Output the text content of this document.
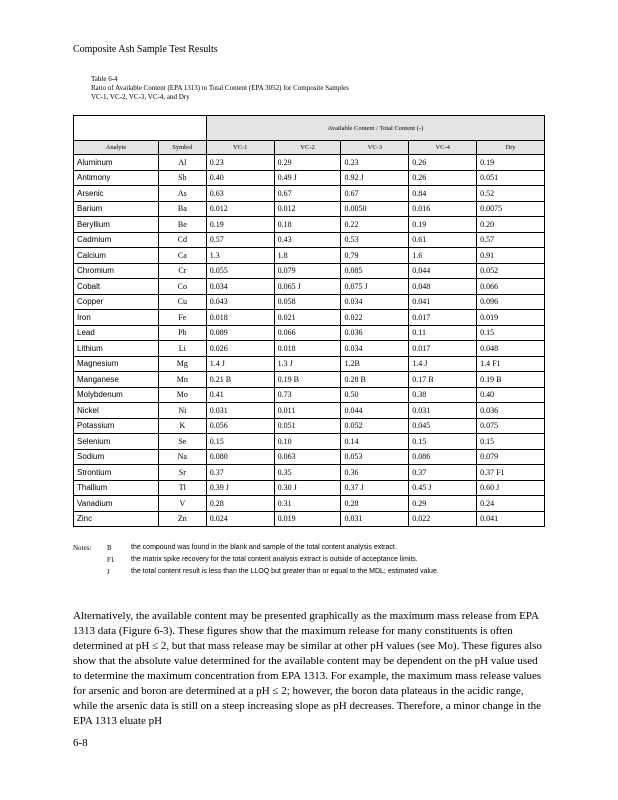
Composite Ash Sample Test Results
Table 6-4
Ratio of Available Content (EPA 1313) to Total Content (EPA 3052) for Composite Samples
VC-1, VC-2, VC-3, VC-4, and Dry
		Available Content / Total Content (-)				
Analyte	Symbol	VC-1	VC-2	VC-3	VC-4	Dry
Aluminum	Al	0.23	0.29	0.23	0.26	0.19
Antimony	Sb	0.40	0.49 J	0.92 J	0.26	0.051
Arsenic	As	0.63	0.67	0.67	0.84	0.52
Barium	Ba	0.012	0.012	0.0050	0.016	0.0075
Beryllium	Be	0.19	0.18	0.22	0.19	0.20
Cadmium	Cd	0.57	0.43	0.53	0.61	0.57
Calcium	Ca	1.3	1.8	0.79	1.6	0.91
Chromium	Cr	0.055	0.079	0.085	0.044	0.052
Cobalt	Co	0.034	0.065 J	0.075 J	0.048	0.066
Copper	Cu	0.043	0.058	0.034	0.041	0.096
Iron	Fe	0.018	0.021	0.022	0.017	0.019
Lead	Pb	0.089	0.066	0.036	0.11	0.15
Lithium	Li	0.026	0.018	0.034	0.017	0.048
Magnesium	Mg	1.4 J	1.3 J	1.2B	1.4 J	1.4 F1
Manganese	Mn	0.21 B	0.19 B	0.28 B	0.17 B	0.19 B
Molybdenum	Mo	0.41	0.73	0.50	0.38	0.40
Nickel	Ni	0.031	0.011	0.044	0.031	0.036
Potassium	K	0.056	0.051	0.052	0.045	0.075
Selenium	Se	0.15	0.10	0.14	0.15	0.15
Sodium	Na	0.080	0.063	0.053	0.086	0.079
Strontium	Sr	0.37	0.35	0.36	0.37	0.37 F1
Thallium	Tl	0.39 J	0.30 J	0.37 J	0.45 J	0.60 J
Vanadium	V	0.28	0.31	0.28	0.29	0.24
Zinc	Zn	0.024	0.019	0.031	0.022	0.041
Notes: B	the compound was found in the blank and sample of the total content analysis extract.
F1 the matrix spike recovery for the total content analysis extract is outside of acceptance limits.
J	the total content result is less than the LLOQ but greater than or equal to the MDL; estimated value.
Alternatively, the available content may be presented graphically as the maximum mass release from EPA 1313 data (Figure 6-3). These figures show that the maximum release for many constituents is often determined at pH ≤ 2, but that mass release may be similar at other pH values (see Mo). These figures also show that the absolute value determined for the available content may be dependent on the pH value used to determine the maximum concentration from EPA 1313. For example, the maximum mass release values for arsenic and boron are determined at a pH ≤ 2; however, the boron data plateaus in the acidic range, while the arsenic data is still on a steep increasing slope as pH decreases. Therefore, a minor change in the EPA 1313 eluate pH
6-8
